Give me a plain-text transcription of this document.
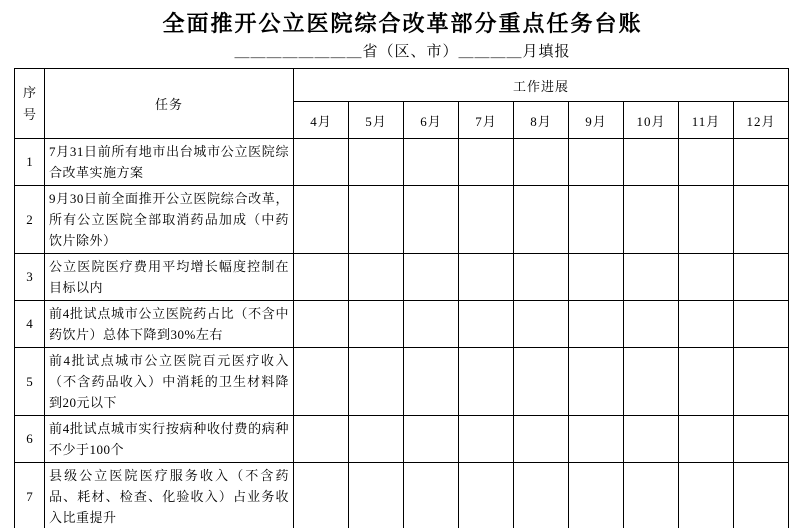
全面推开公立医院综合改革部分重点任务台账
＿＿＿＿＿＿＿＿省（区、市）＿＿＿＿月填报
序号	任务	工作进展								
		4月	5月	6月	7月	8月	9月	10月	11月	12月
1	7月31日前所有地市出台城市公立医院综合改革实施方案									
2	9月30日前全面推开公立医院综合改革，所有公立医院全部取消药品加成（中药饮片除外）									
3	公立医院医疗费用平均增长幅度控制在目标以内									
4	前4批试点城市公立医院药占比（不含中药饮片）总体下降到30%左右									
5	前4批试点城市公立医院百元医疗收入（不含药品收入）中消耗的卫生材料降到20元以下									
6	前4批试点城市实行按病种收付费的病种不少于100个									
7	县级公立医院医疗服务收入（不含药品、耗材、检查、化验收入）占业务收入比重提升									
